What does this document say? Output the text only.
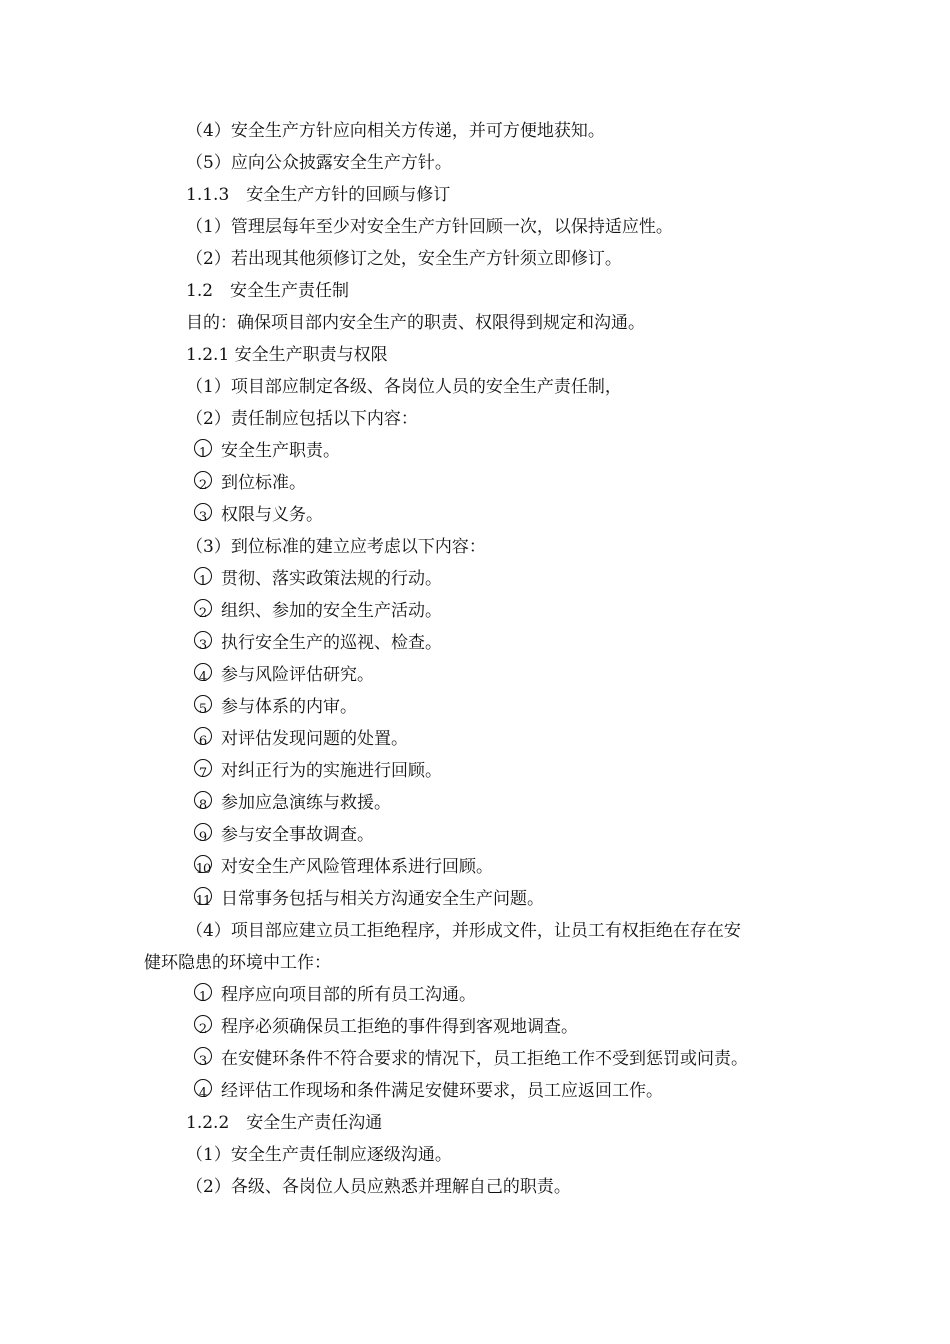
（4）安全生产方针应向相关方传递，并可方便地获知。
（5）应向公众披露安全生产方针。
1.1.3　安全生产方针的回顾与修订
（1）管理层每年至少对安全生产方针回顾一次，以保持适应性。
（2）若出现其他须修订之处，安全生产方针须立即修订。
1.2　安全生产责任制
目的：确保项目部内安全生产的职责、权限得到规定和沟通。
1.2.1 安全生产职责与权限
（1）项目部应制定各级、各岗位人员的安全生产责任制，
（2）责任制应包括以下内容：
1 安全生产职责。
2 到位标准。
3 权限与义务。
（3）到位标准的建立应考虑以下内容：
1 贯彻、落实政策法规的行动。
2 组织、参加的安全生产活动。
3 执行安全生产的巡视、检查。
4 参与风险评估研究。
5 参与体系的内审。
6 对评估发现问题的处置。
7 对纠正行为的实施进行回顾。
8 参加应急演练与救援。
9 参与安全事故调查。
10 对安全生产风险管理体系进行回顾。
11 日常事务包括与相关方沟通安全生产问题。
（4）项目部应建立员工拒绝程序，并形成文件，让员工有权拒绝在存在安
健环隐患的环境中工作：
1 程序应向项目部的所有员工沟通。
2 程序必须确保员工拒绝的事件得到客观地调查。
3 在安健环条件不符合要求的情况下，员工拒绝工作不受到惩罚或问责。
4 经评估工作现场和条件满足安健环要求，员工应返回工作。
1.2.2　安全生产责任沟通
（1）安全生产责任制应逐级沟通。
（2）各级、各岗位人员应熟悉并理解自己的职责。
